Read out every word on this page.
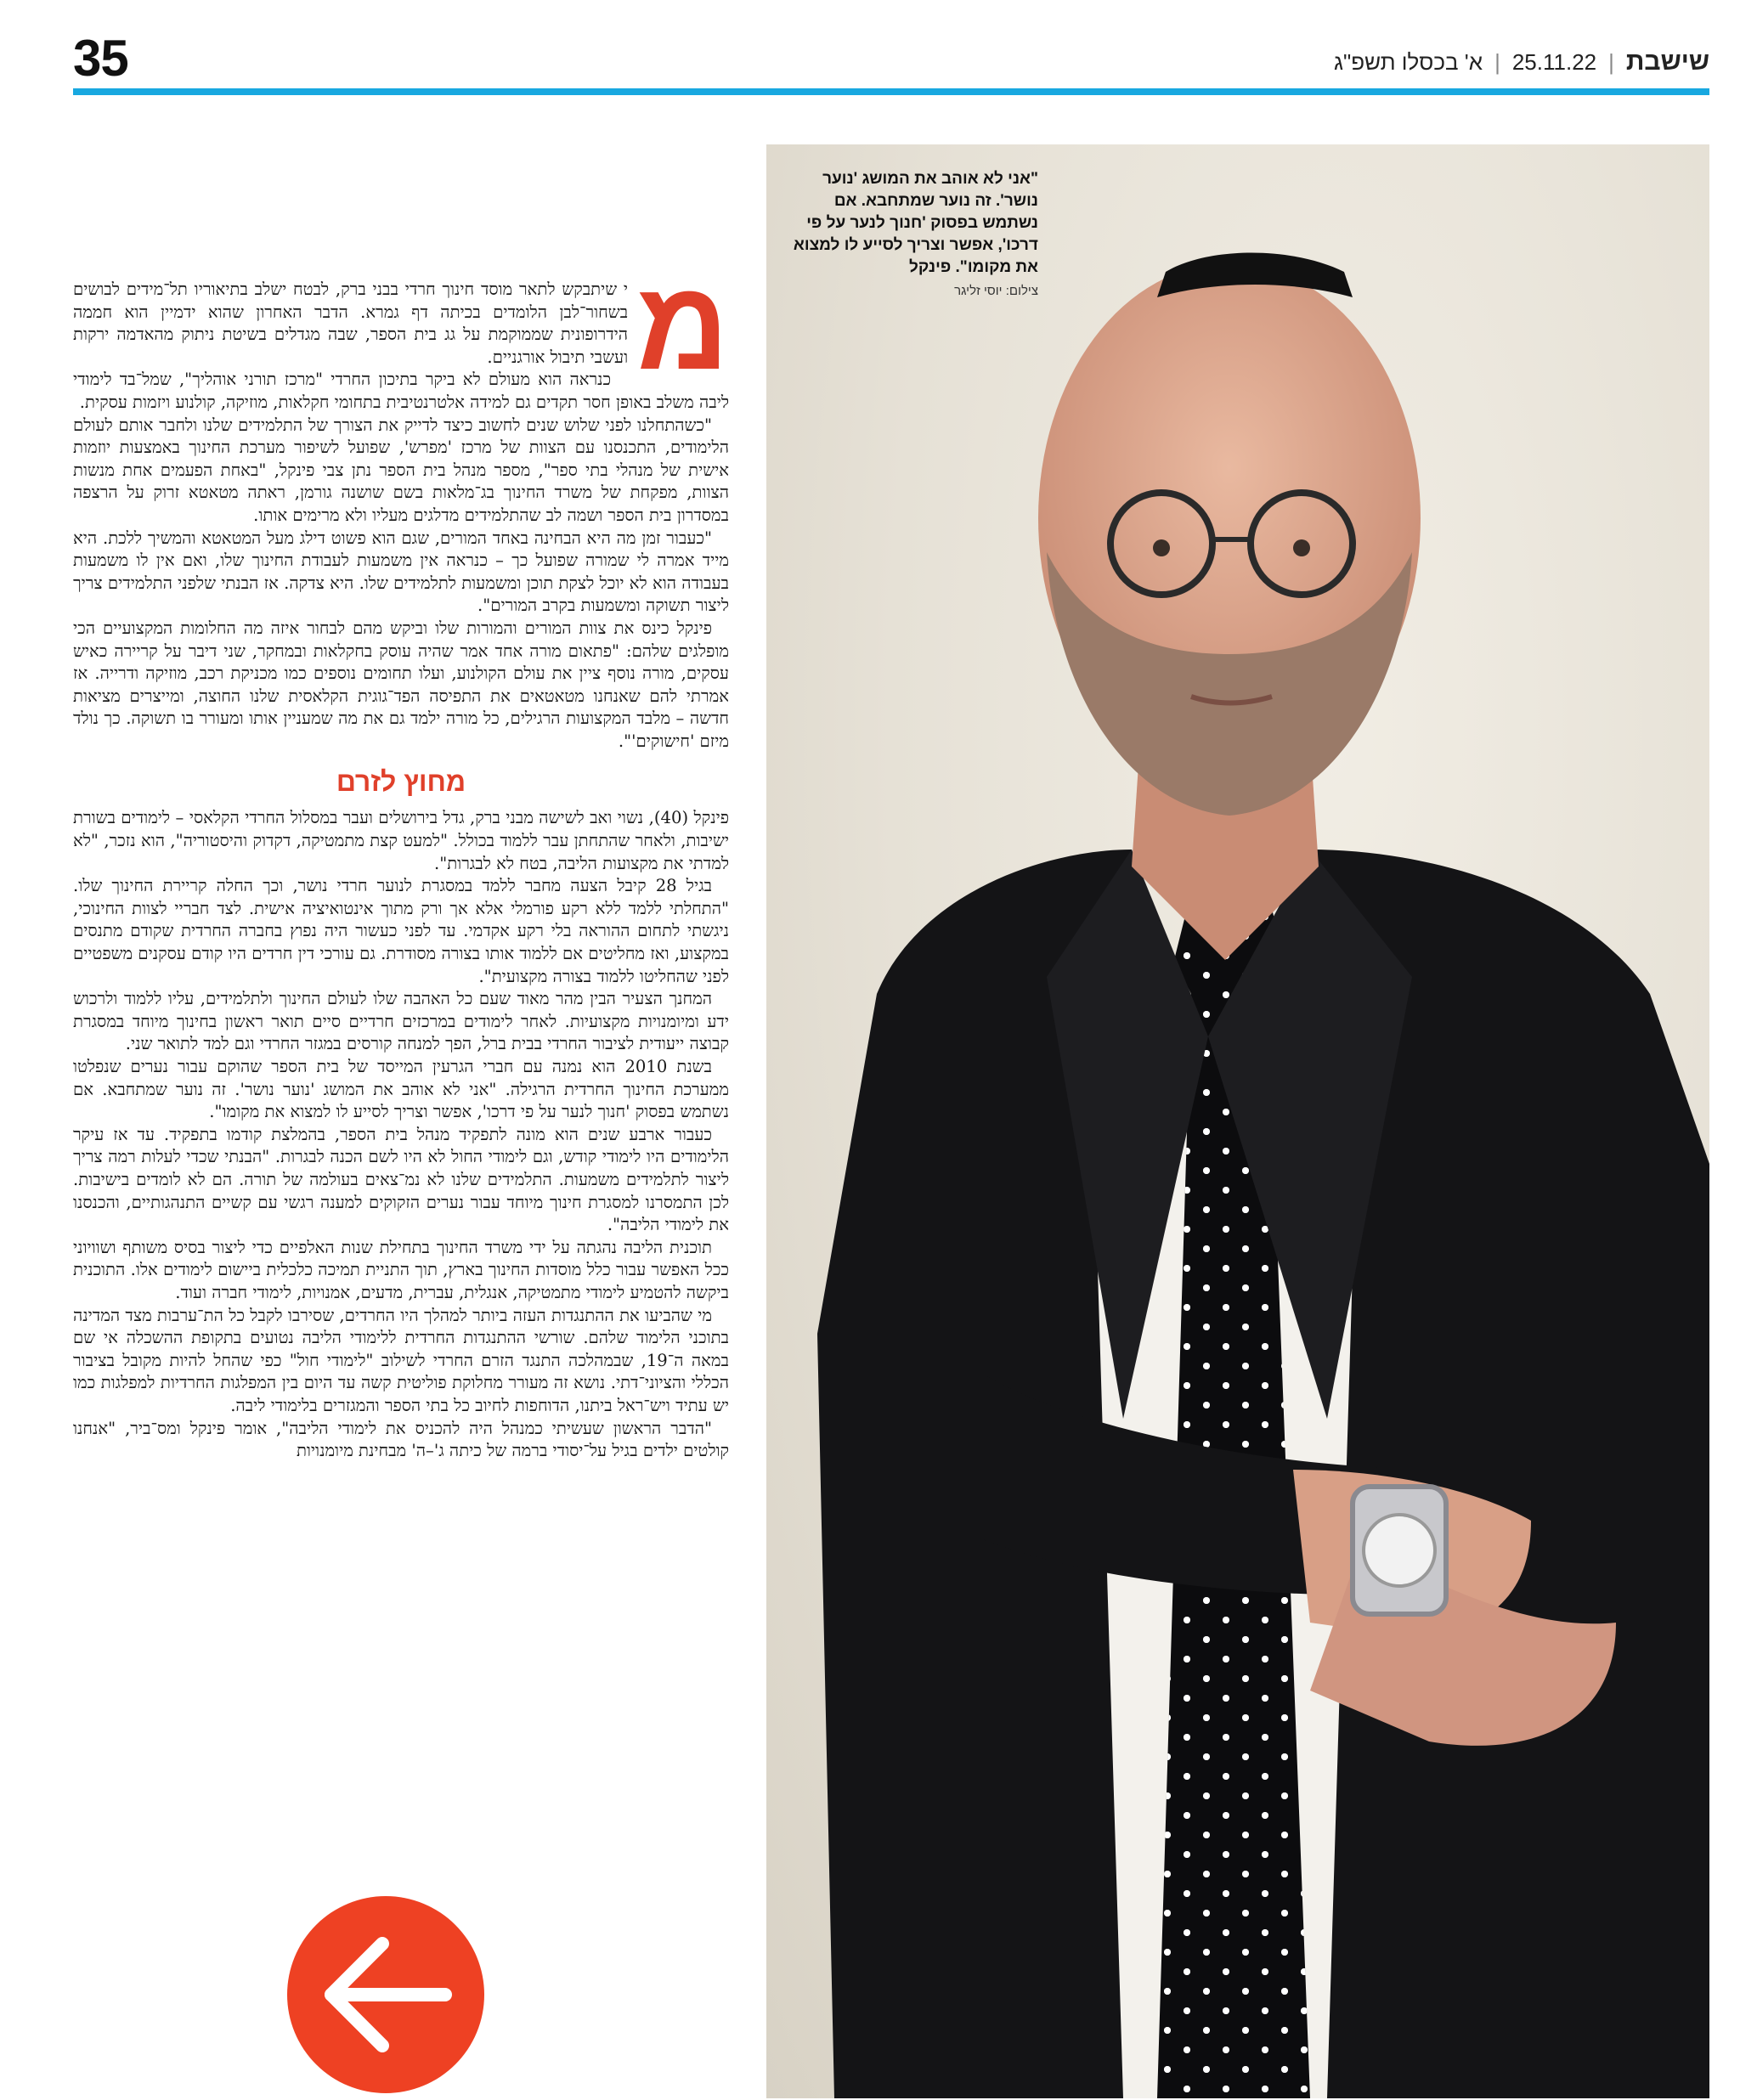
35	שישבת
|
25.11.22
|
א' בכסלו תשפ"ג

"אני לא אוהב את המושג 'נוער נושר'. זה נוער שמתחבא. אם נשתמש בפסוק 'חנוך לנער על פי דרכו', אפשר וצריך לסייע לו למצוא את מקומו". פינקל

צילום: יוסי זליגר
מ

י שיתבקש לתאר מוסד חינוך חרדי בבני ברק, לבטח ישלב בתיאוריו תל־מידים לבושים בשחור־לבן הלומדים בכיתה דף גמרא. הדבר האחרון שהוא ידמיין הוא חממה הידרופונית שממוקמת על גג בית הספר, שבה מגדלים בשיטת ניתוק מהאדמה ירקות ועשבי תיבול אורגניים.

כנראה הוא מעולם לא ביקר בתיכון החרדי "מרכז תורני אוהליך", שמל־בד לימודי ליבה משלב באופן חסר תקדים גם למידה אלטרנטיבית בתחומי חקלאות, מוזיקה, קולנוע ויזמות עסקית.

"כשהתחלנו לפני שלוש שנים לחשוב כיצד לדייק את הצורך של התלמידים שלנו ולחבר אותם לעולם הלימודים, התכנסנו עם הצוות של מרכז 'מפרש', שפועל לשיפור מערכת החינוך באמצעות יוזמות אישית של מנהלי בתי ספר", מספר מנהל בית הספר נתן צבי פינקל, "באחת הפעמים אחת מנשות הצוות, מפקחת של משרד החינוך בג־מלאות בשם שושנה גורמן, ראתה מטאטא זרוק על הרצפה במסדרון בית הספר ושמה לב שהתלמידים מדלגים מעליו ולא מרימים אותו.

"כעבור זמן מה היא הבחינה באחד המורים, שגם הוא פשוט דילג מעל המטאטא והמשיך ללכת. היא מייד אמרה לי שמורה שפועל כך – כנראה אין משמעות לעבודת החינוך שלו, ואם אין לו משמעות בעבודה הוא לא יוכל לצקת תוכן ומשמעות לתלמידים שלו. היא צדקה. אז הבנתי שלפני התלמידים צריך ליצור תשוקה ומשמעות בקרב המורים".

פינקל כינס את צוות המורים והמורות שלו וביקש מהם לבחור איזה מה החלומות המקצועיים הכי מופלגים שלהם: "פתאום מורה אחד אמר שהיה עוסק בחקלאות ובמחקר, שני דיבר על קריירה כאיש עסקים, מורה נוסף ציין את עולם הקולנוע, ועלו תחומים נוספים כמו מכניקת רכב, מוזיקה ודרייה. אז אמרתי להם שאנחנו מטאטאים את התפיסה הפד־גוגית הקלאסית שלנו החוצה, ומייצרים מציאות חדשה – מלבד המקצועות הרגילים, כל מורה ילמד גם את מה שמעניין אותו ומעורר בו תשוקה. כך נולד מיזם 'חישוקים'".

מחוץ לזרם

פינקל (40), נשוי ואב לשישה מבני ברק, גדל בירושלים ועבר במסלול החרדי הקלאסי – לימודים בשורת ישיבות, ולאחר שהתחתן עבר ללמוד בכולל. "למעט קצת מתמטיקה, דקדוק והיסטוריה", הוא נזכר, "לא למדתי את מקצועות הליבה, בטח לא לבגרות".

בגיל 28 קיבל הצעה מחבר ללמד במסגרת לנוער חרדי נושר, וכך החלה קריירת החינוך שלו. "התחלתי ללמד ללא רקע פורמלי אלא אך ורק מתוך אינטואיציה אישית. לצד חבריי לצוות החינוכי, ניגשתי לתחום ההוראה בלי רקע אקדמי. עד לפני כעשור היה נפוץ בחברה החרדית שקודם מתנסים במקצוע, ואז מחליטים אם ללמוד אותו בצורה מסודרת. גם עורכי דין חרדים היו קודם עסקנים משפטיים לפני שהחליטו ללמוד בצורה מקצועית".

המחנך הצעיר הבין מהר מאוד שעם כל האהבה שלו לעולם החינוך ולתלמידים, עליו ללמוד ולרכוש ידע ומיומנויות מקצועיות. לאחר לימודים במרכזים חרדיים סיים תואר ראשון בחינוך מיוחד במסגרת קבוצה ייעודית לציבור החרדי בבית ברל, הפך למנחה קורסים במגזר החרדי וגם למד לתואר שני.

בשנת 2010 הוא נמנה עם חברי הגרעין המייסד של בית הספר שהוקם עבור נערים שנפלטו ממערכת החינוך החרדית הרגילה. "אני לא אוהב את המושג 'נוער נושר'. זה נוער שמתחבא. אם נשתמש בפסוק 'חנוך לנער על פי דרכו', אפשר וצריך לסייע לו למצוא את מקומו".

כעבור ארבע שנים הוא מונה לתפקיד מנהל בית הספר, בהמלצת קודמו בתפקיד. עד אז עיקר הלימודים היו לימודי קודש, וגם לימודי החול לא היו לשם הכנה לבגרות. "הבנתי שכדי לעלות רמה צריך ליצור לתלמידים משמעות. התלמידים שלנו לא נמ־צאים בעולמה של תורה. הם לא לומדים בישיבות. לכן התמסרנו למסגרת חינוך מיוחד עבור נערים הזקוקים למענה רגשי עם קשיים התנהגותיים, והכנסנו את לימודי הליבה".

תוכנית הליבה נהגתה על ידי משרד החינוך בתחילת שנות האלפיים כדי ליצור בסיס משותף ושוויוני ככל האפשר עבור כלל מוסדות החינוך בארץ, תוך התניית תמיכה כלכלית ביישום לימודים אלו. התוכנית ביקשה להטמיע לימודי מתמטיקה, אנגלית, עברית, מדעים, אמנויות, לימודי חברה ועוד.

מי שהביעו את ההתנגדות העזה ביותר למהלך היו החרדים, שסירבו לקבל כל הת־ערבות מצד המדינה בתוכני הלימוד שלהם. שורשי ההתנגדות החרדית ללימודי הליבה נטועים בתקופת ההשכלה אי שם במאה ה־19, שבמהלכה התנגד הזרם החרדי לשילוב "לימודי חול" כפי שהחל להיות מקובל בציבור הכללי והציוני־דתי. נושא זה מעורר מחלוקת פוליטית קשה עד היום בין המפלגות החרדיות למפלגות כמו יש עתיד ויש־ראל ביתנו, הדוחפות לחיוב כל בתי הספר והמגזרים בלימודי ליבה.

"הדבר הראשון שעשיתי כמנהל היה להכניס את לימודי הליבה", אומר פינקל ומס־ביר, "אנחנו קולטים ילדים בגיל על־יסודי ברמה של כיתה ג'–ה' מבחינת מיומנויות
